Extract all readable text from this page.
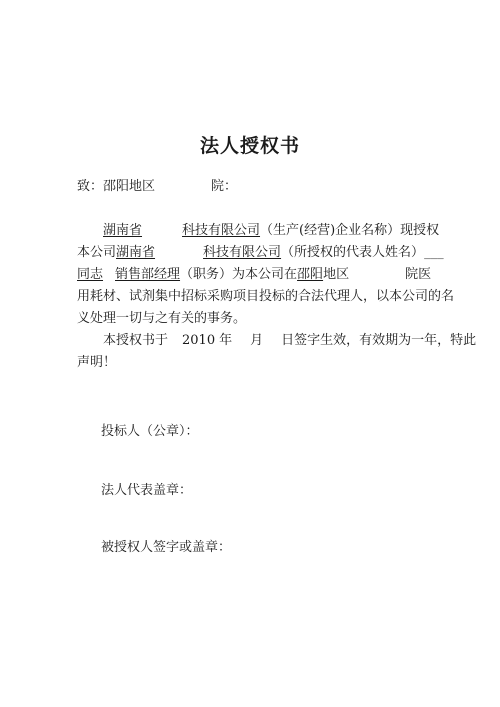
法人授权书
致：邵阳地区	院：
湖南省	科技有限公司（生产(经营)企业名称）现授权
本公司湖南省	科技有限公司（所授权的代表人姓名）___
同志 销售部经理（职务）为本公司在邵阳地区	院医
用耗材、试剂集中招标采购项目投标的合法代理人，以本公司的名
义处理一切与之有关的事务。
本授权书于 2010 年 月 日签字生效，有效期为一年，特此
声明！
投标人（公章）：
法人代表盖章：
被授权人签字或盖章：
